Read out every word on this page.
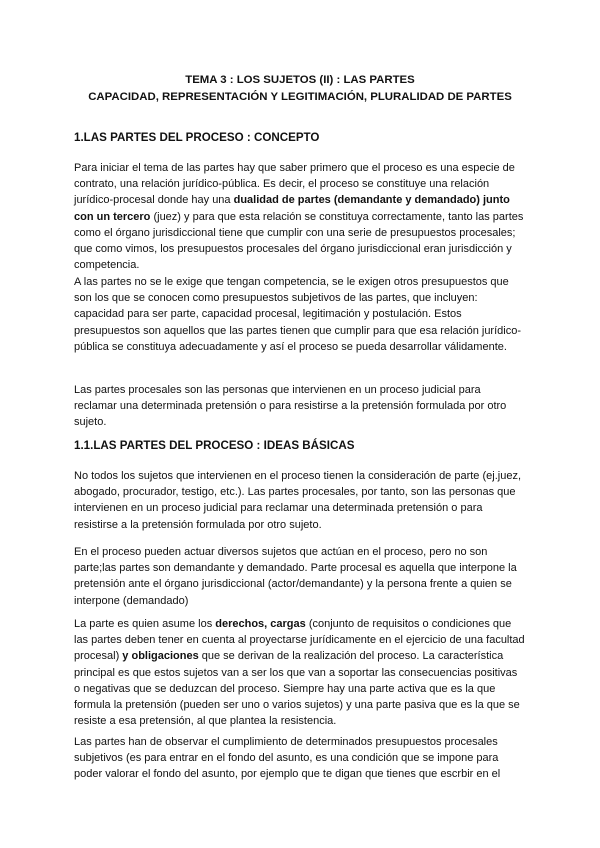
TEMA 3 : LOS SUJETOS (II) : LAS PARTES
CAPACIDAD, REPRESENTACIÓN Y LEGITIMACIÓN, PLURALIDAD DE PARTES
1.LAS PARTES DEL PROCESO : CONCEPTO

Para iniciar el tema de las partes hay que saber primero que el proceso es una especie de contrato, una relación jurídico-pública. Es decir, el proceso se constituye una relación jurídico-procesal donde hay una dualidad de partes (demandante y demandado) junto con un tercero (juez) y para que esta relación se constituya correctamente, tanto las partes como el órgano jurisdiccional tiene que cumplir con una serie de presupuestos procesales; que como vimos, los presupuestos procesales del órgano jurisdiccional eran jurisdicción y competencia.

A las partes no se le exige que tengan competencia, se le exigen otros presupuestos que son los que se conocen como presupuestos subjetivos de las partes, que incluyen: capacidad para ser parte, capacidad procesal, legitimación y postulación. Estos presupuestos son aquellos que las partes tienen que cumplir para que esa relación jurídico-pública se constituya adecuadamente y así el proceso se pueda desarrollar válidamente.

Las partes procesales son las personas que intervienen en un proceso judicial para reclamar una determinada pretensión o para resistirse a la pretensión formulada por otro sujeto.

1.1.LAS PARTES DEL PROCESO : IDEAS BÁSICAS

No todos los sujetos que intervienen en el proceso tienen la consideración de parte (ej.juez, abogado, procurador, testigo, etc.). Las partes procesales, por tanto, son las personas que intervienen en un proceso judicial para reclamar una determinada pretensión o para resistirse a la pretensión formulada por otro sujeto.

En el proceso pueden actuar diversos sujetos que actúan en el proceso, pero no son parte;las partes son demandante y demandado. Parte procesal es aquella que interpone la pretensión ante el órgano jurisdiccional (actor/demandante) y la persona frente a quien se interpone (demandado)

La parte es quien asume los derechos, cargas (conjunto de requisitos o condiciones que las partes deben tener en cuenta al proyectarse jurídicamente en el ejercicio de una facultad procesal) y obligaciones que se derivan de la realización del proceso. La característica principal es que estos sujetos van a ser los que van a soportar las consecuencias positivas o negativas que se deduzcan del proceso. Siempre hay una parte activa que es la que formula la pretensión (pueden ser uno o varios sujetos) y una parte pasiva que es la que se resiste a esa pretensión, al que plantea la resistencia.

Las partes han de observar el cumplimiento de determinados presupuestos procesales subjetivos (es para entrar en el fondo del asunto, es una condición que se impone para poder valorar el fondo del asunto, por ejemplo que te digan que tienes que escrbir en el
